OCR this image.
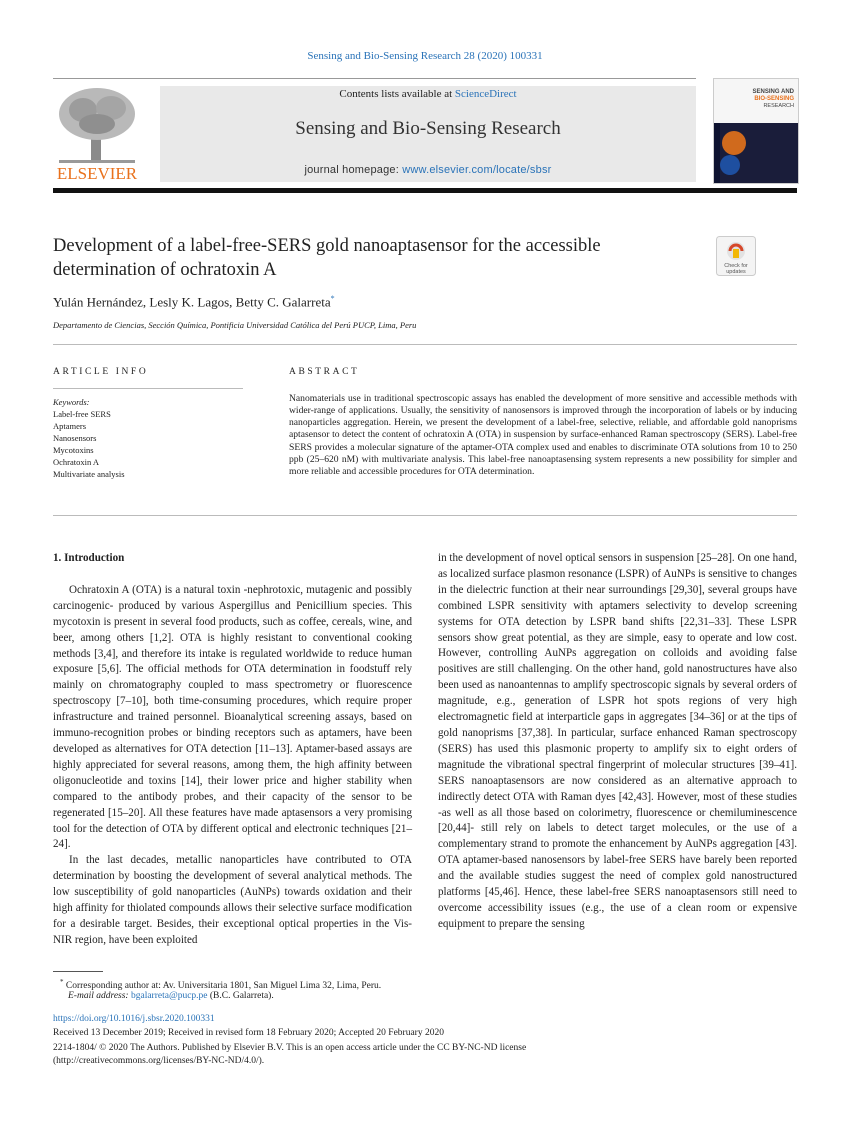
Sensing and Bio-Sensing Research 28 (2020) 100331
ELSEVIER
Contents lists available at ScienceDirect
Sensing and Bio-Sensing Research
journal homepage: www.elsevier.com/locate/sbsr
SENSING AND
BIO-SENSING
RESEARCH
Development of a label-free-SERS gold nanoaptasensor for the accessible
determination of ochratoxin A	Check for
updates
Yulán Hernández, Lesly K. Lagos, Betty C. Galarreta*
Departamento de Ciencias, Sección Química, Pontificia Universidad Católica del Perú PUCP, Lima, Peru
ARTICLE INFO
Keywords:
Label-free SERS
Aptamers
Nanosensors
Mycotoxins
Ochratoxin A
Multivariate analysis
ABSTRACT
Nanomaterials use in traditional spectroscopic assays has enabled the development of more sensitive and accessible methods with wider-range of applications. Usually, the sensitivity of nanosensors is improved through the incorporation of labels or by inducing nanoparticles aggregation. Herein, we present the development of a label-free, selective, reliable, and affordable gold nanoprisms aptasensor to detect the content of ochratoxin A (OTA) in suspension by surface-enhanced Raman spectroscopy (SERS). Label-free SERS provides a molecular signature of the aptamer-OTA complex used and enables to discriminate OTA solutions from 10 to 250 ppb (25–620 nM) with multivariate analysis. This label-free nanoaptasensing system represents a new possibility for simpler and more reliable and accessible procedures for OTA determination.

1. Introduction

Ochratoxin A (OTA) is a natural toxin -nephrotoxic, mutagenic and possibly carcinogenic- produced by various Aspergillus and Penicillium species. This mycotoxin is present in several food products, such as coffee, cereals, wine, and beer, among others [1,2]. OTA is highly resistant to conventional cooking methods [3,4], and therefore its intake is regulated worldwide to reduce human exposure [5,6]. The official methods for OTA determination in foodstuff rely mainly on chromatography coupled to mass spectrometry or fluorescence spectroscopy [7–10], both time-consuming procedures, which require proper infrastructure and trained personnel. Bioanalytical screening assays, based on immuno-recognition probes or binding receptors such as aptamers, have been developed as alternatives for OTA detection [11–13]. Aptamer-based assays are highly appreciated for several reasons, among them, the high affinity between oligonucleotide and toxins [14], their lower price and higher stability when compared to the antibody probes, and their capacity of the sensor to be regenerated [15–20]. All these features have made aptasensors a very promising tool for the detection of OTA by different optical and electronic techniques [21–24].

In the last decades, metallic nanoparticles have contributed to OTA determination by boosting the development of several analytical methods. The low susceptibility of gold nanoparticles (AuNPs) towards oxidation and their high affinity for thiolated compounds allows their selective surface modification for a desirable target. Besides, their exceptional optical properties in the Vis-NIR region, have been exploited

in the development of novel optical sensors in suspension [25–28]. On one hand, as localized surface plasmon resonance (LSPR) of AuNPs is sensitive to changes in the dielectric function at their near surroundings [29,30], several groups have combined LSPR sensitivity with aptamers selectivity to develop screening systems for OTA detection by LSPR band shifts [22,31–33]. These LSPR sensors show great potential, as they are simple, easy to operate and low cost. However, controlling AuNPs aggregation on colloids and avoiding false positives are still challenging. On the other hand, gold nanostructures have also been used as nanoantennas to amplify spectroscopic signals by several orders of magnitude, e.g., generation of LSPR hot spots regions of very high electromagnetic field at interparticle gaps in aggregates [34–36] or at the tips of gold nanoprisms [37,38]. In particular, surface enhanced Raman spectroscopy (SERS) has used this plasmonic property to amplify six to eight orders of magnitude the vibrational spectral fingerprint of molecular structures [39–41]. SERS nanoaptasensors are now considered as an alternative approach to indirectly detect OTA with Raman dyes [42,43]. However, most of these studies -as well as all those based on colorimetry, fluorescence or chemiluminescence [20,44]- still rely on labels to detect target molecules, or the use of a complementary strand to promote the enhancement by AuNPs aggregation [43]. OTA aptamer-based nanosensors by label-free SERS have barely been reported and the available studies suggest the need of complex gold nanostructured platforms [45,46]. Hence, these label-free SERS nanoaptasensors still need to overcome accessibility issues (e.g., the use of a clean room or expensive equipment to prepare the sensing

* Corresponding author at: Av. Universitaria 1801, San Miguel Lima 32, Lima, Peru.
E-mail address: bgalarreta@pucp.pe (B.C. Galarreta).
https://doi.org/10.1016/j.sbsr.2020.100331
Received 13 December 2019; Received in revised form 18 February 2020; Accepted 20 February 2020
2214-1804/ © 2020 The Authors. Published by Elsevier B.V. This is an open access article under the CC BY-NC-ND license
(http://creativecommons.org/licenses/BY-NC-ND/4.0/).
